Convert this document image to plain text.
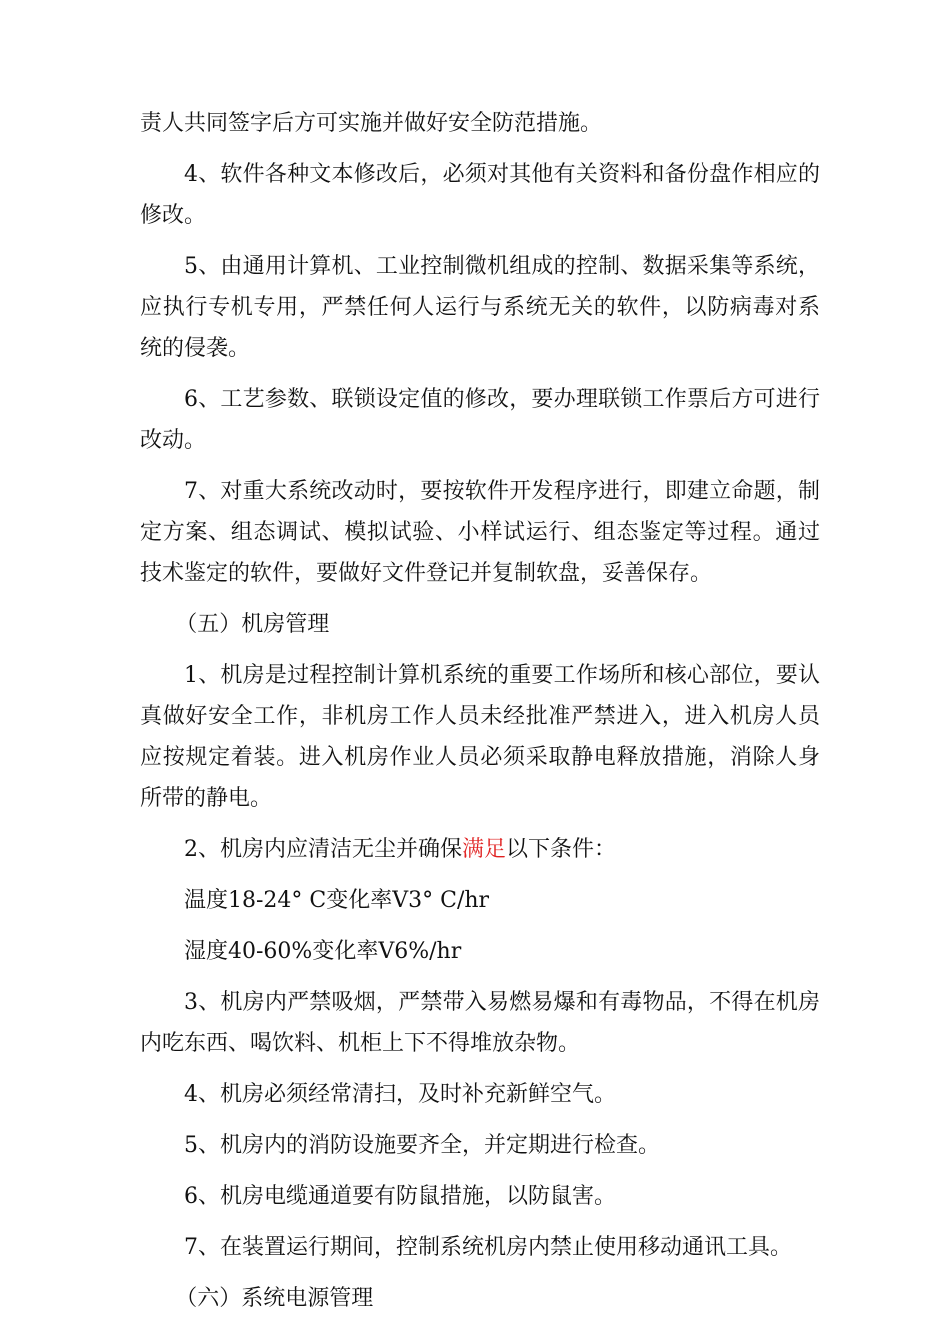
责人共同签字后方可实施并做好安全防范措施。

4、软件各种文本修改后，必须对其他有关资料和备份盘作相应的修改。

5、由通用计算机、工业控制微机组成的控制、数据采集等系统，应执行专机专用，严禁任何人运行与系统无关的软件，以防病毒对系统的侵袭。

6、工艺参数、联锁设定值的修改，要办理联锁工作票后方可进行改动。

7、对重大系统改动时，要按软件开发程序进行，即建立命题，制定方案、组态调试、模拟试验、小样试运行、组态鉴定等过程。通过技术鉴定的软件，要做好文件登记并复制软盘，妥善保存。

（五）机房管理

1、机房是过程控制计算机系统的重要工作场所和核心部位，要认真做好安全工作，非机房工作人员未经批准严禁进入，进入机房人员应按规定着装。进入机房作业人员必须采取静电释放措施，消除人身所带的静电。

2、机房内应清洁无尘并确保满足以下条件：

温度18-24° C变化率V3° C/hr

湿度40-60%变化率V6%/hr

3、机房内严禁吸烟，严禁带入易燃易爆和有毒物品，不得在机房内吃东西、喝饮料、机柜上下不得堆放杂物。

4、机房必须经常清扫，及时补充新鲜空气。

5、机房内的消防设施要齐全，并定期进行检查。

6、机房电缆通道要有防鼠措施，以防鼠害。

7、在装置运行期间，控制系统机房内禁止使用移动通讯工具。

（六）系统电源管理
